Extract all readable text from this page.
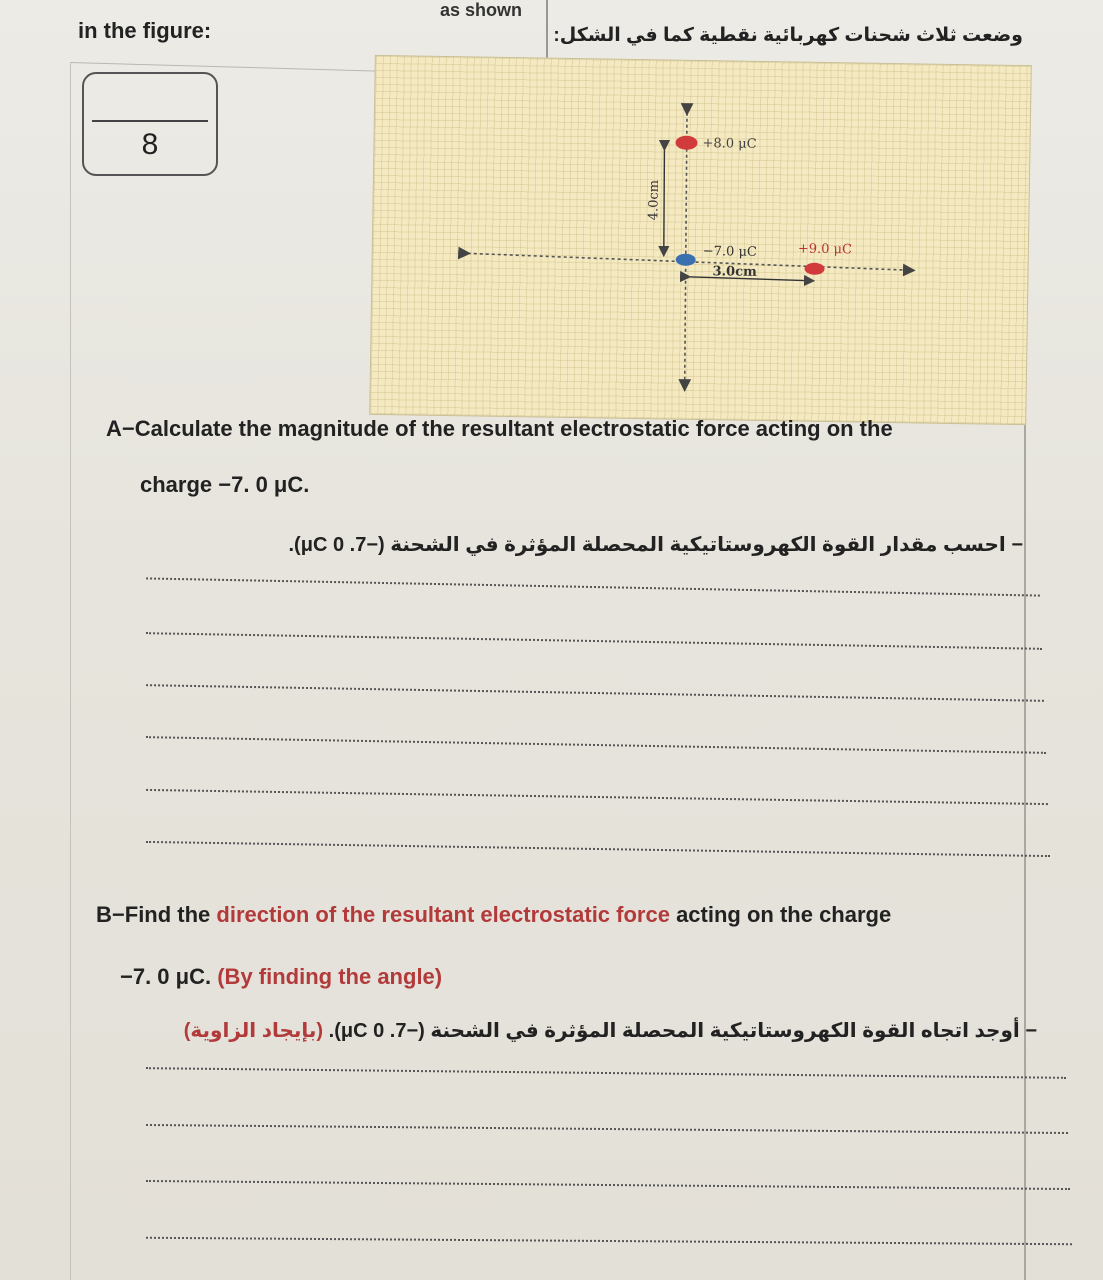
as shown
in the figure:	وضعت ثلاث شحنات كهربائية نقطية كما في الشكل:
8	+8.0 μC
−7.0 μC	+9.0 μC
4.0cm
3.0cm
A−Calculate the magnitude of the resultant electrostatic force acting on the
charge −7. 0 μC.
− احسب مقدار القوة الكهروستاتيكية المحصلة المؤثرة في الشحنة (−7. 0 μC).
B−Find the direction of the resultant electrostatic force acting on the charge
−7. 0 μC. (By finding the angle)
− أوجد اتجاه القوة الكهروستاتيكية المحصلة المؤثرة في الشحنة (−7. 0 μC). (بإيجاد الزاوية)
